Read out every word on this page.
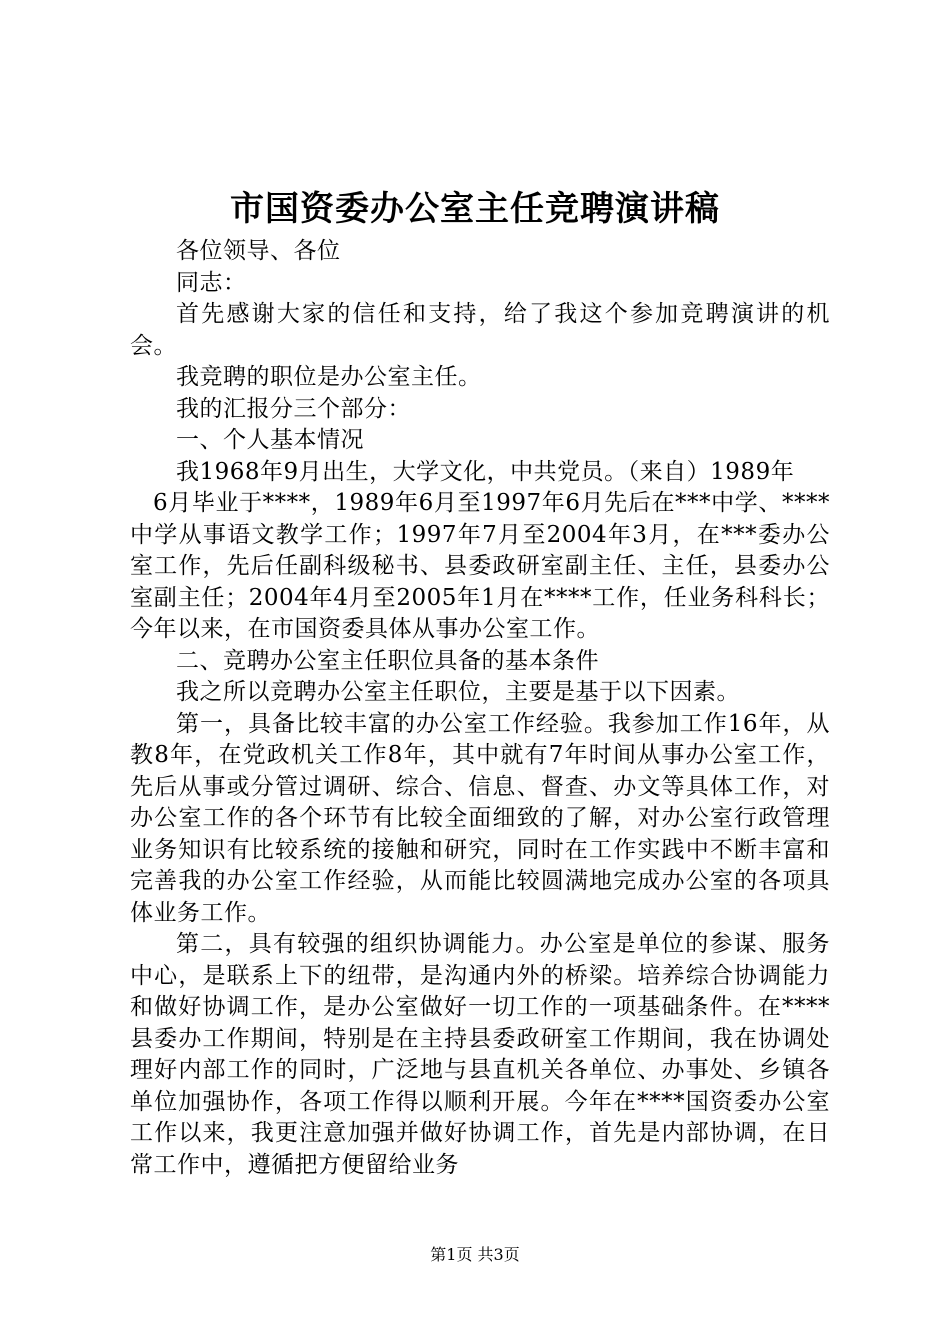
市国资委办公室主任竞聘演讲稿

各位领导、各位

同志：

首先感谢大家的信任和支持，给了我这个参加竞聘演讲的机会。

我竞聘的职位是办公室主任。

我的汇报分三个部分：

一、个人基本情况

我1968年9月出生，大学文化，中共党员。（来自）1989年

6月毕业于****，1989年6月至1997年6月先后在***中学、****中学从事语文教学工作；1997年7月至2004年3月，在***委办公室工作，先后任副科级秘书、县委政研室副主任、主任，县委办公室副主任；2004年4月至2005年1月在****工作，任业务科科长；今年以来，在市国资委具体从事办公室工作。

二、竞聘办公室主任职位具备的基本条件

我之所以竞聘办公室主任职位，主要是基于以下因素。

第一，具备比较丰富的办公室工作经验。我参加工作16年，从教8年，在党政机关工作8年，其中就有7年时间从事办公室工作，先后从事或分管过调研、综合、信息、督查、办文等具体工作，对办公室工作的各个环节有比较全面细致的了解，对办公室行政管理业务知识有比较系统的接触和研究，同时在工作实践中不断丰富和完善我的办公室工作经验，从而能比较圆满地完成办公室的各项具体业务工作。

第二，具有较强的组织协调能力。办公室是单位的参谋、服务中心，是联系上下的纽带，是沟通内外的桥梁。培养综合协调能力和做好协调工作，是办公室做好一切工作的一项基础条件。在****县委办工作期间，特别是在主持县委政研室工作期间，我在协调处理好内部工作的同时，广泛地与县直机关各单位、办事处、乡镇各单位加强协作，各项工作得以顺利开展。今年在****国资委办公室工作以来，我更注意加强并做好协调工作，首先是内部协调，在日常工作中，遵循把方便留给业务

第1页 共3页
